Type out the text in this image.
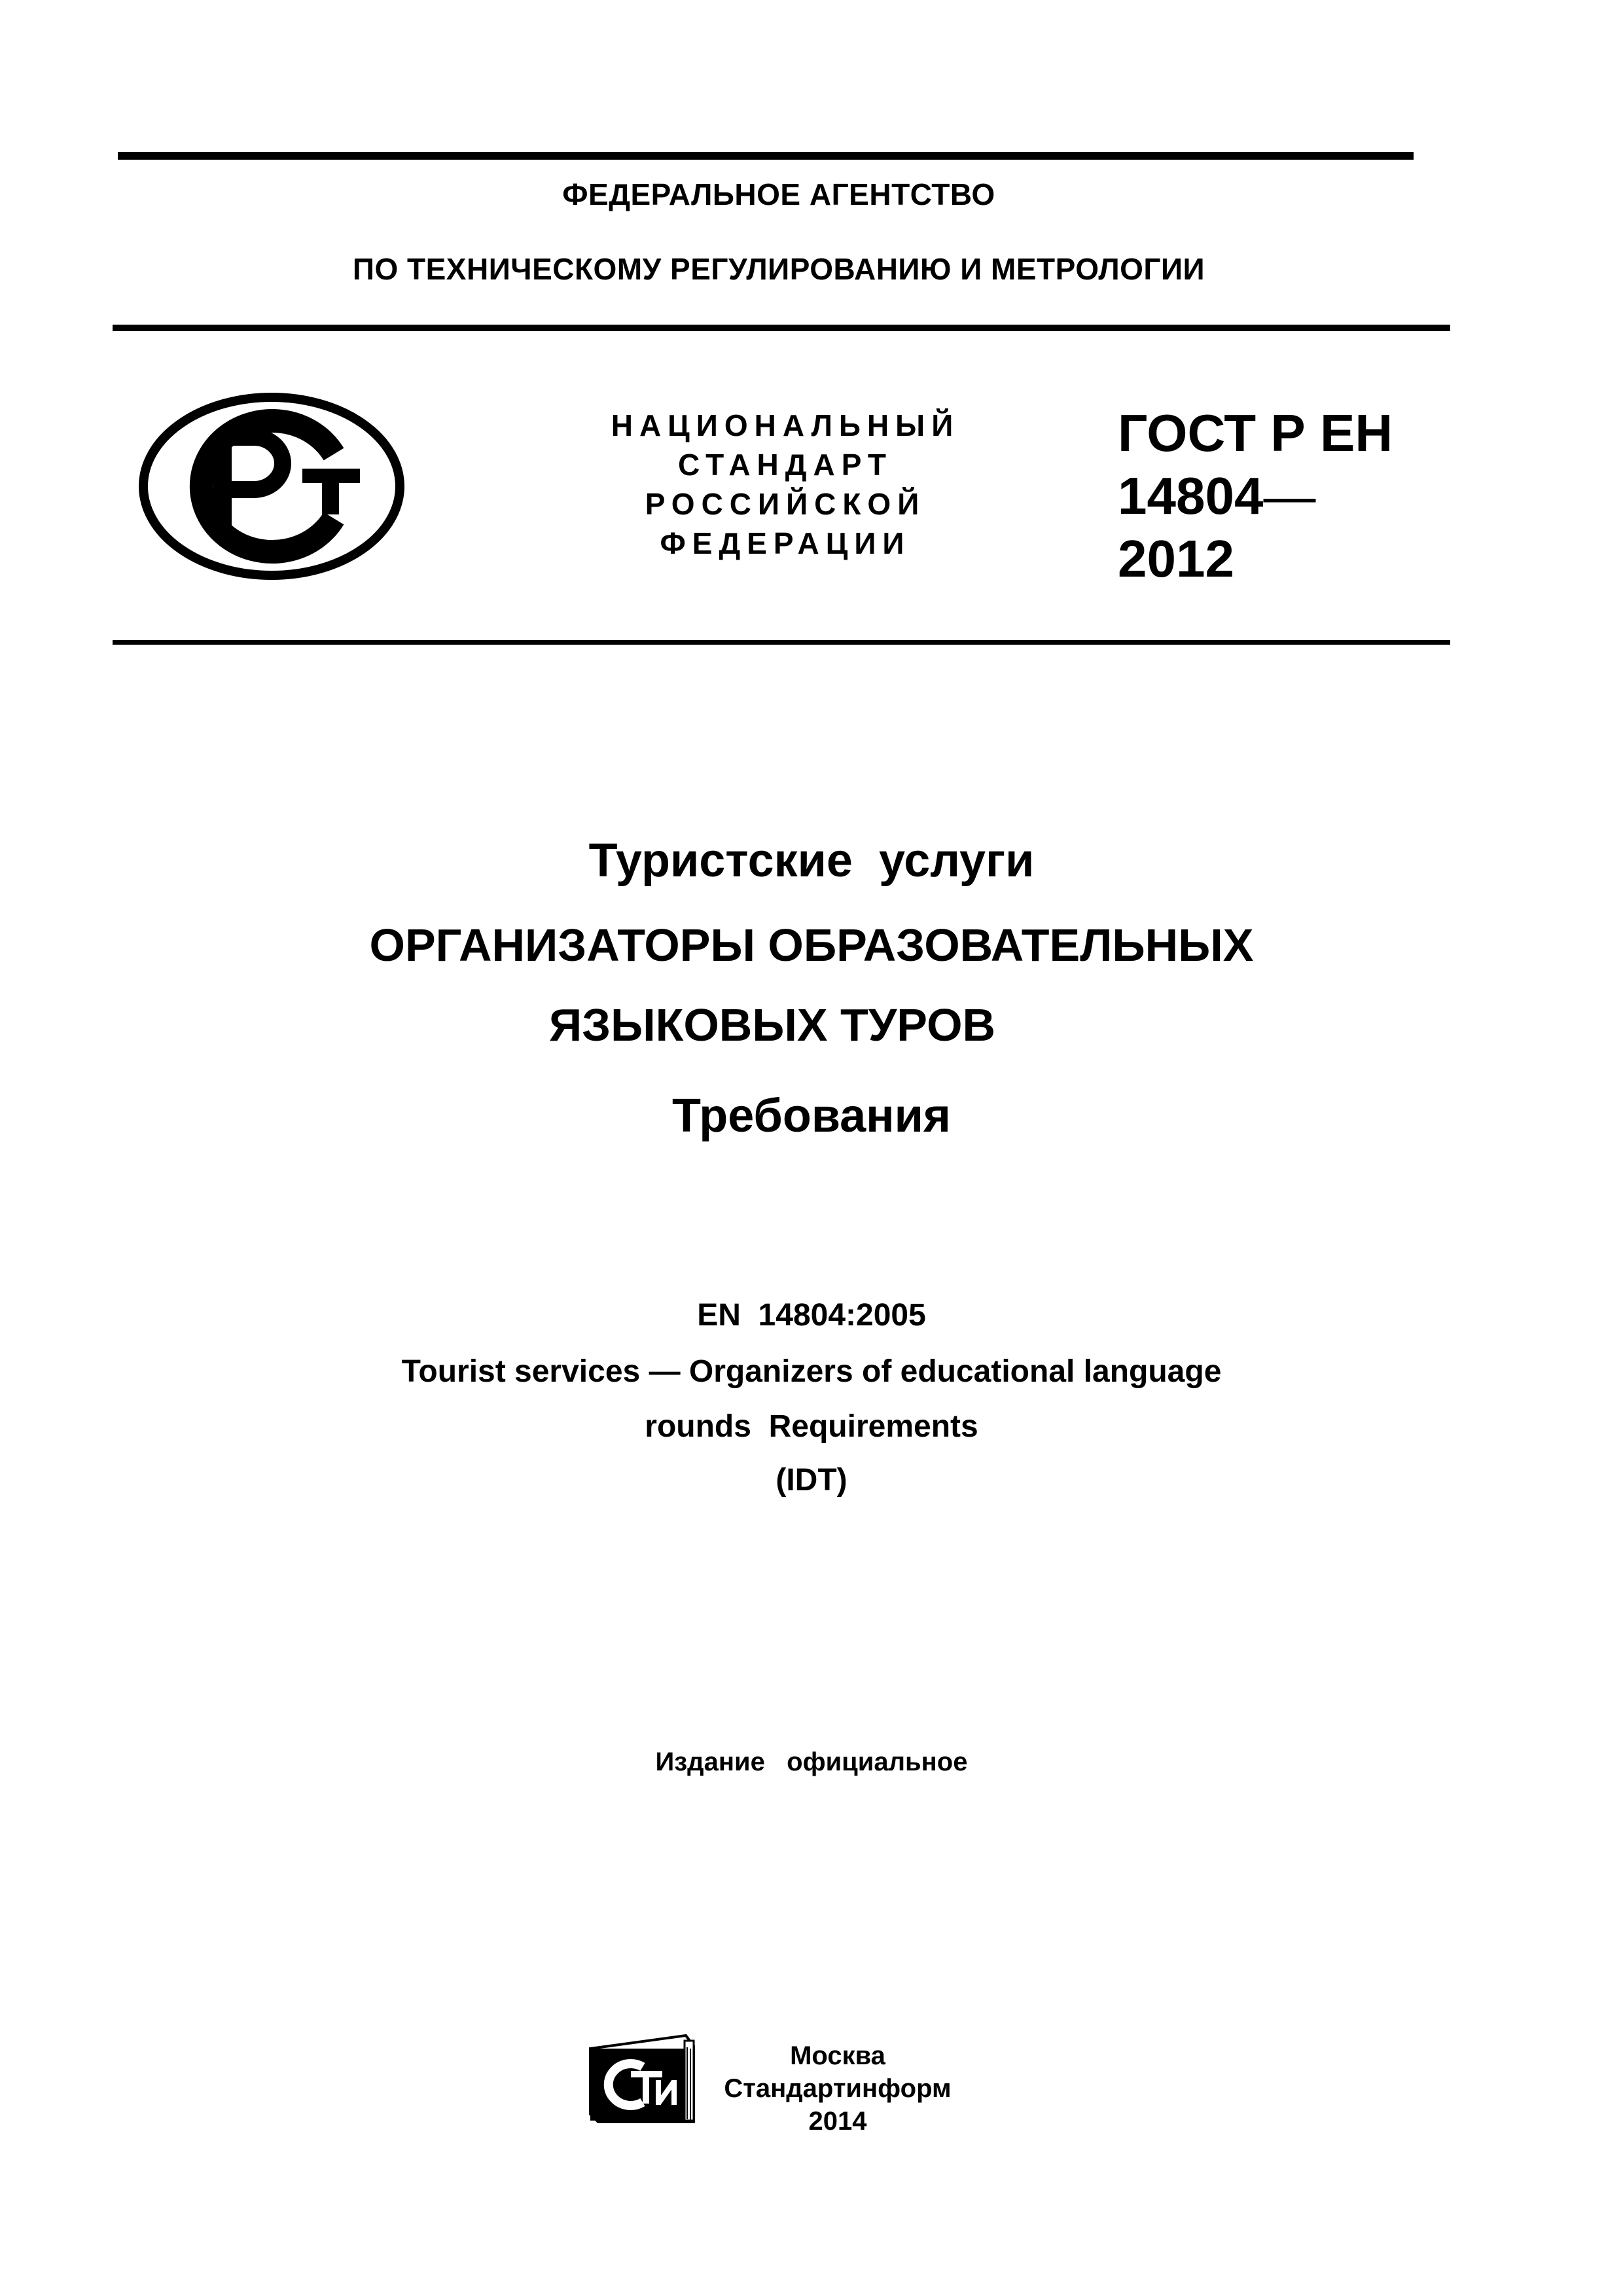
ФЕДЕРАЛЬНОЕ АГЕНТСТВО
ПО ТЕХНИЧЕСКОМУ РЕГУЛИРОВАНИЮ И МЕТРОЛОГИИ
НАЦИОНАЛЬНЫЙ
СТАНДАРТ
РОССИЙСКОЙ
ФЕДЕРАЦИИ
ГОСТ Р ЕН
14804—
2012
Туристские  услуги
ОРГАНИЗАТОРЫ ОБРАЗОВАТЕЛЬНЫХ
ЯЗЫКОВЫХ ТУРОВ
Требования
EN  14804:2005
Tourist services — Organizers of educational language
rounds  Requirements
(IDT)
Издание   официальное
Москва
Стандартинформ
2014
